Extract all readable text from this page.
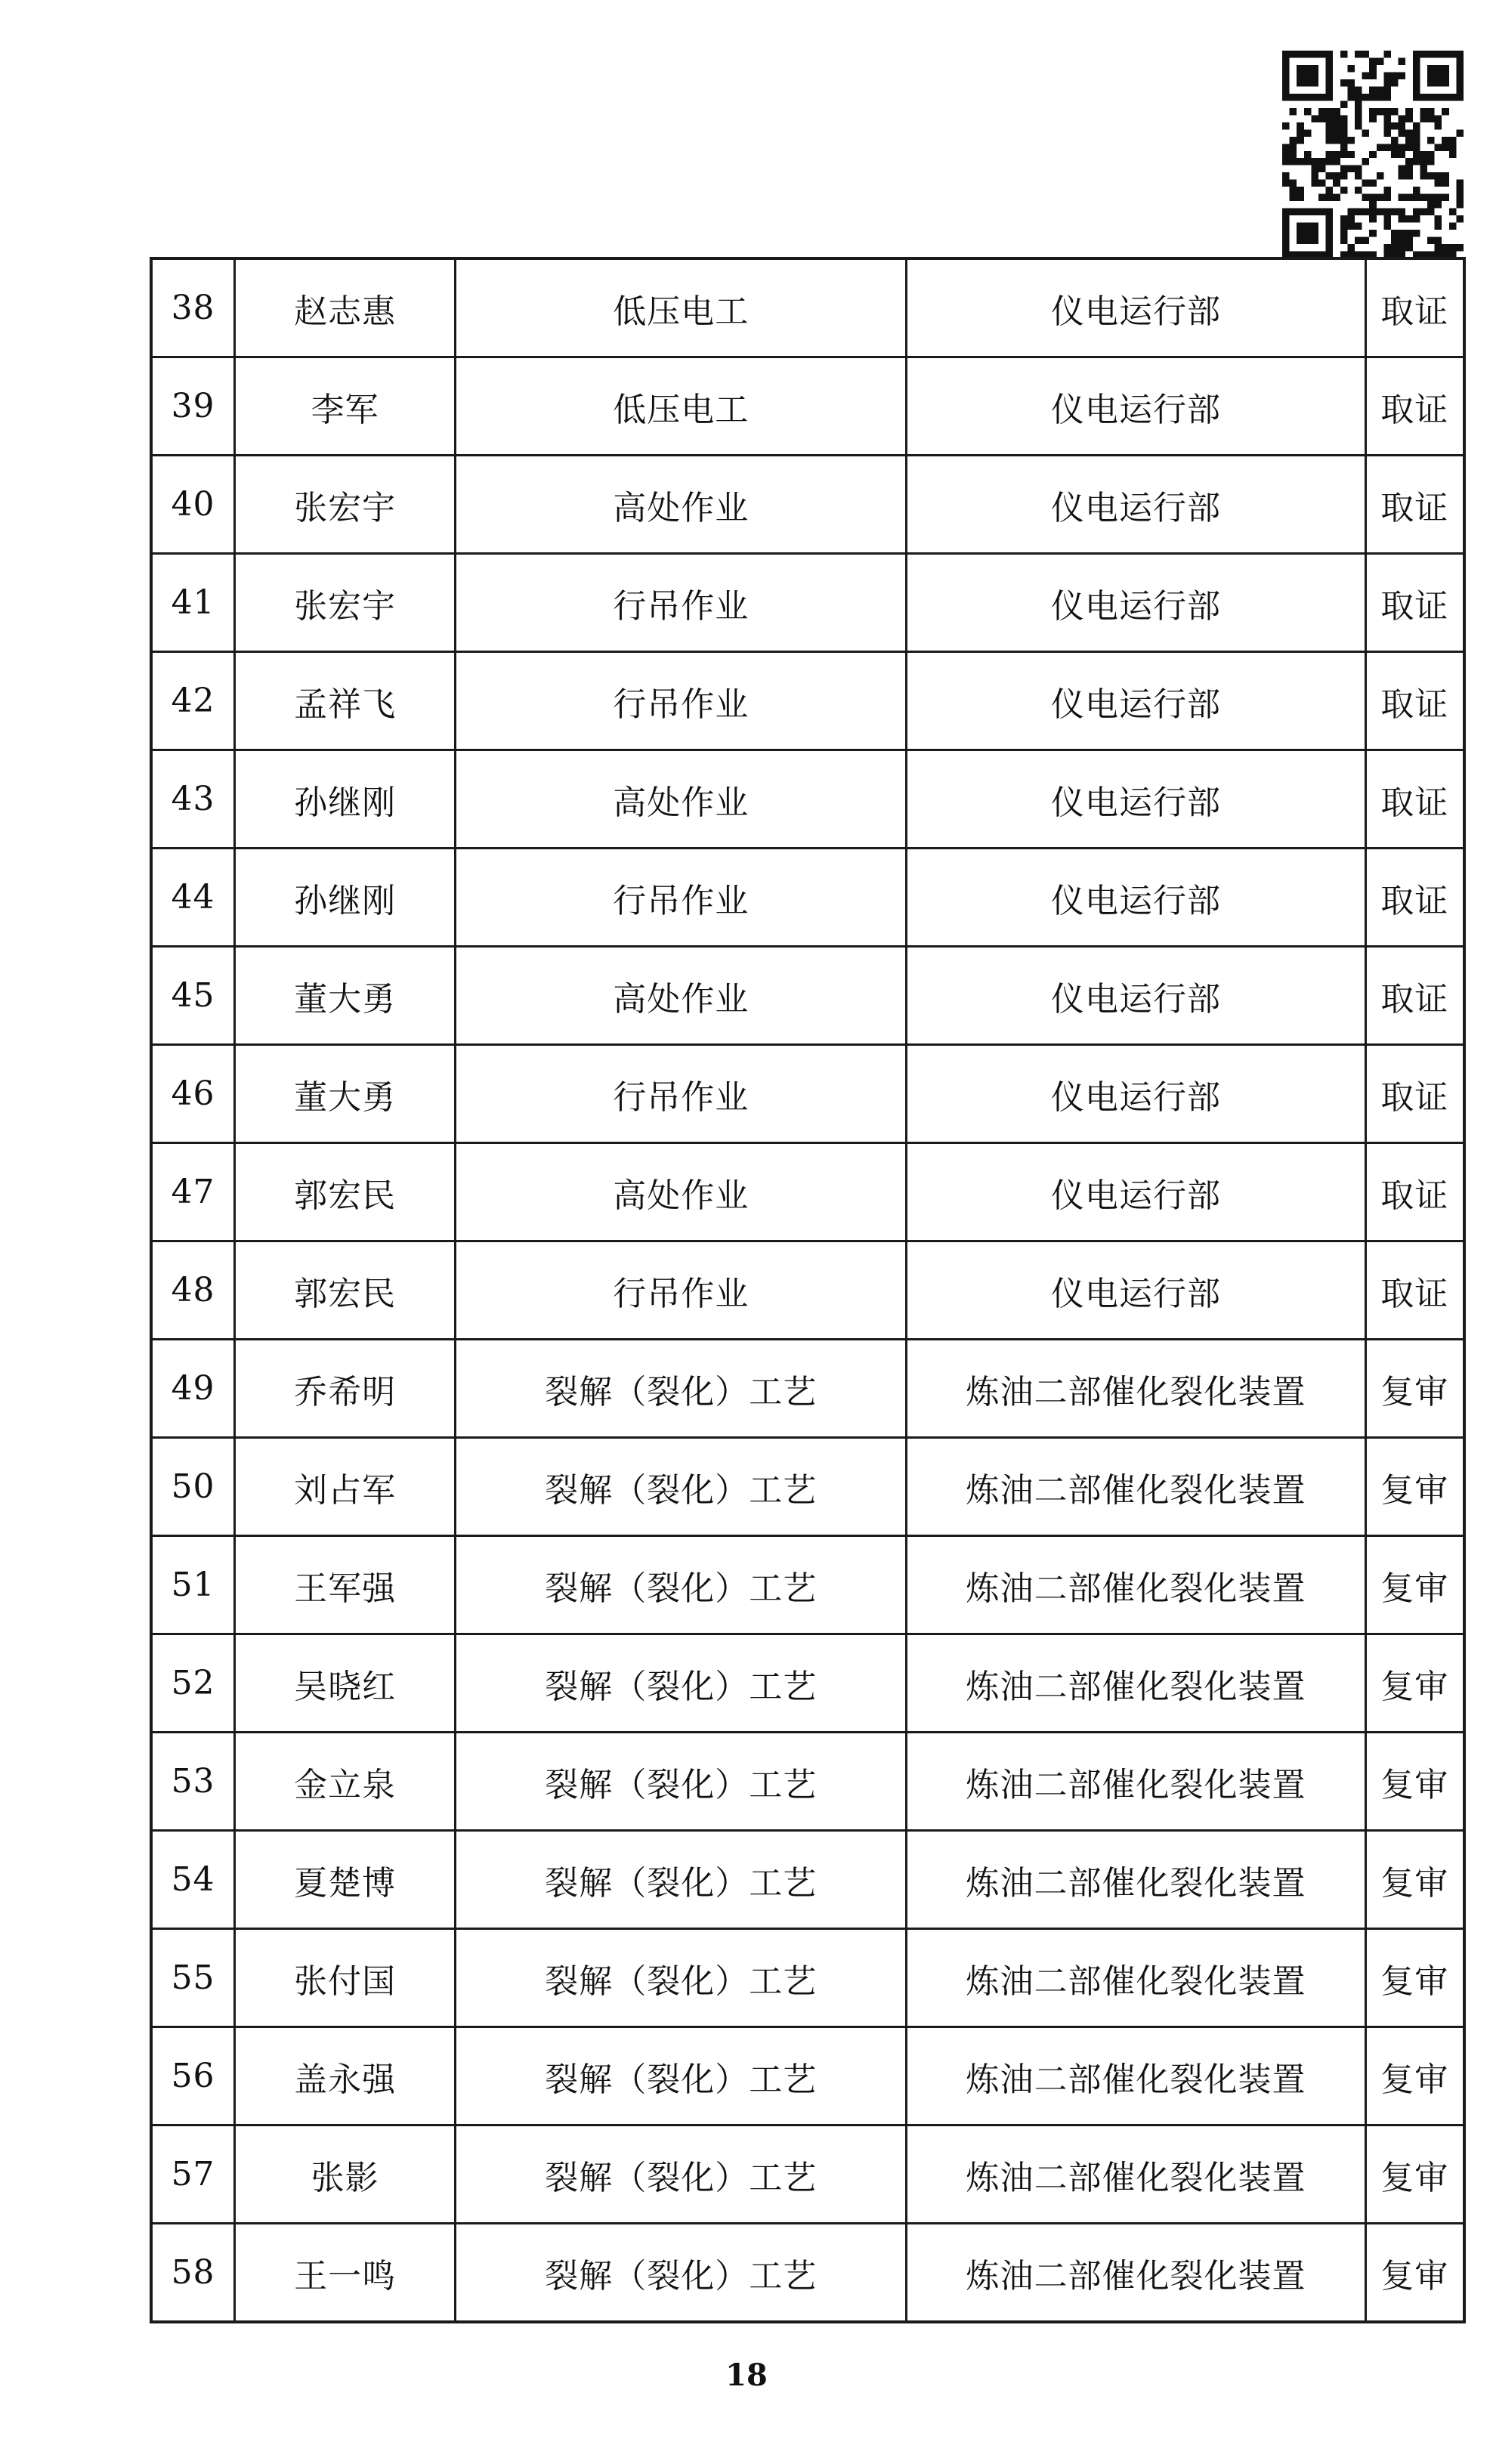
38	赵志惠	低压电工	仪电运行部	取证
39	李军	低压电工	仪电运行部	取证
40	张宏宇	高处作业	仪电运行部	取证
41	张宏宇	行吊作业	仪电运行部	取证
42	孟祥飞	行吊作业	仪电运行部	取证
43	孙继刚	高处作业	仪电运行部	取证
44	孙继刚	行吊作业	仪电运行部	取证
45	董大勇	高处作业	仪电运行部	取证
46	董大勇	行吊作业	仪电运行部	取证
47	郭宏民	高处作业	仪电运行部	取证
48	郭宏民	行吊作业	仪电运行部	取证
49	乔希明	裂解（裂化）工艺	炼油二部催化裂化装置	复审
50	刘占军	裂解（裂化）工艺	炼油二部催化裂化装置	复审
51	王军强	裂解（裂化）工艺	炼油二部催化裂化装置	复审
52	吴晓红	裂解（裂化）工艺	炼油二部催化裂化装置	复审
53	金立泉	裂解（裂化）工艺	炼油二部催化裂化装置	复审
54	夏楚博	裂解（裂化）工艺	炼油二部催化裂化装置	复审
55	张付国	裂解（裂化）工艺	炼油二部催化裂化装置	复审
56	盖永强	裂解（裂化）工艺	炼油二部催化裂化装置	复审
57	张影	裂解（裂化）工艺	炼油二部催化裂化装置	复审
58	王一鸣	裂解（裂化）工艺	炼油二部催化裂化装置	复审
18
